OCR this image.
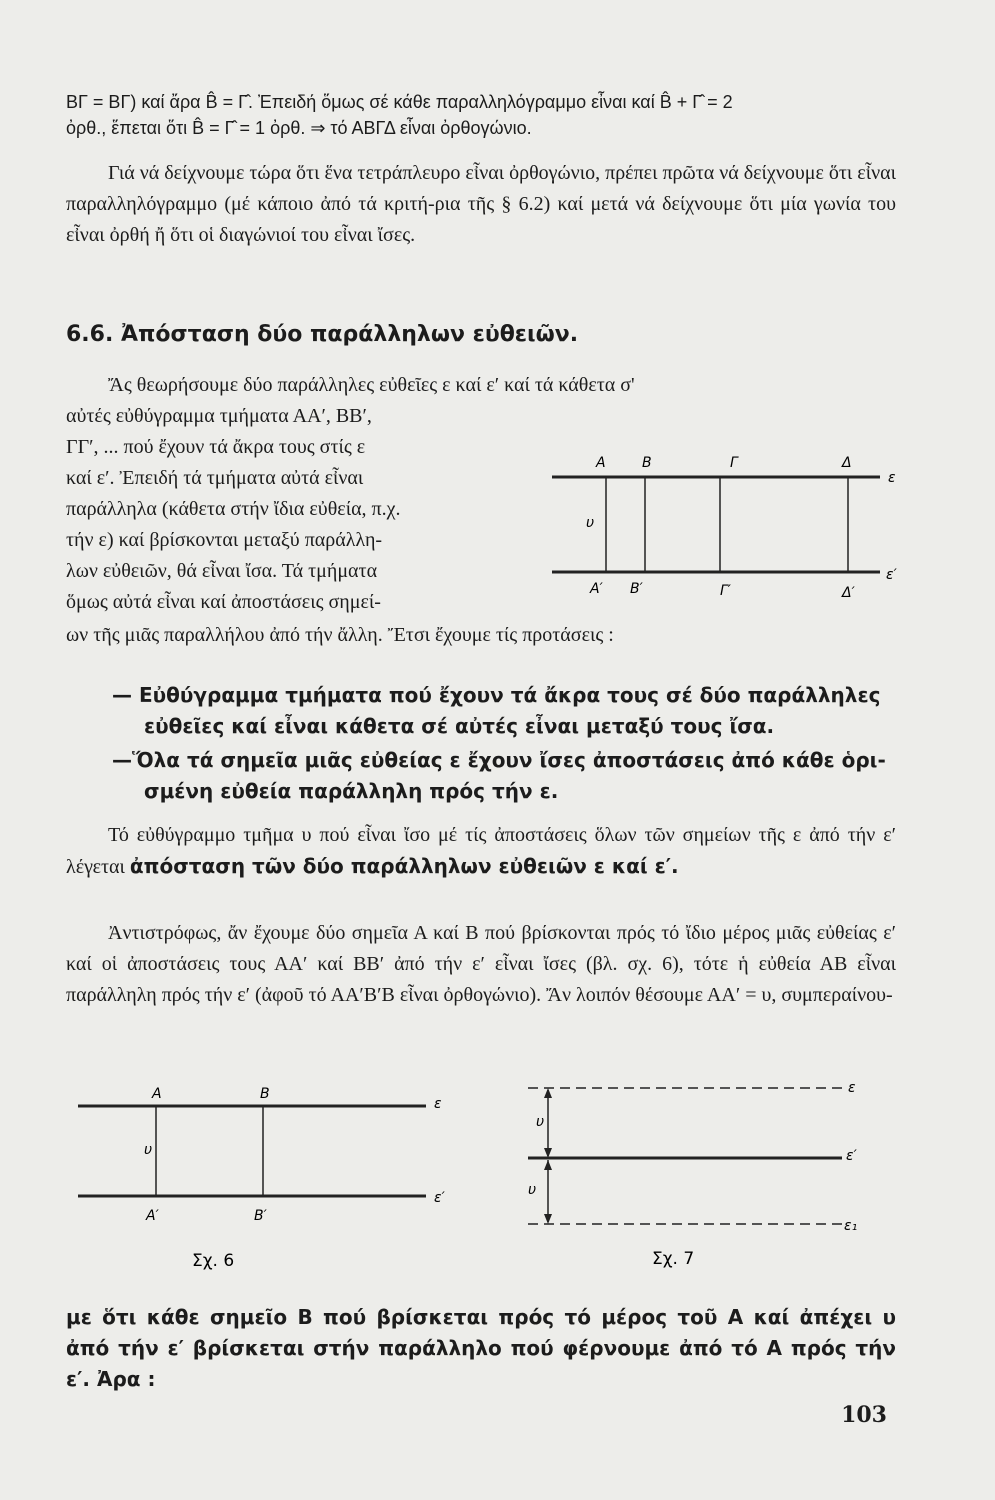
ΒΓ = ΒΓ) καί ἄρα B̂ = Γ̂. Ἐπειδή ὅμως σέ κάθε παραλληλόγραμμο εἶναι καί B̂ + Γ̂ = 2
ὀρθ., ἕπεται ὅτι B̂ = Γ̂ = 1 ὀρθ. ⇒ τό ΑΒΓΔ εἶναι ὀρθογώνιο.
Γιά νά δείχνουμε τώρα ὅτι ἕνα τετράπλευρο εἶναι ὀρθογώνιο, πρέπει πρῶτα νά δείχνουμε ὅτι εἶναι παραλληλόγραμμο (μέ κάποιο ἀπό τά κριτή-ρια τῆς § 6.2) καί μετά νά δείχνουμε ὅτι μία γωνία του εἶναι ὀρθή ἤ ὅτι οἱ διαγώνιοί του εἶναι ἴσες.
6.6. Ἀπόσταση δύο παράλληλων εὐθειῶν.
Ἄς θεωρήσουμε δύο παράλληλες εὐθεῖες ε καί ε′ καί τά κάθετα σ'
αὐτές εὐθύγραμμα τμήματα ΑΑ′, ΒΒ′,
ΓΓ′, ... πού ἔχουν τά ἄκρα τους στίς ε
καί ε′. Ἐπειδή τά τμήματα αὐτά εἶναι
παράλληλα (κάθετα στήν ἴδια εὐθεία, π.χ.
τήν ε) καί βρίσκονται μεταξύ παράλλη-
λων εὐθειῶν, θά εἶναι ἴσα. Τά τμήματα
ὅμως αὐτά εἶναι καί ἀποστάσεις σημεί-
ων τῆς μιᾶς παραλλήλου ἀπό τήν ἄλλη. Ἔτσι ἔχουμε τίς προτάσεις :
Α	Β	Γ	Δ
ε
ε′
υ
Α′ Β′	Γ′	Δ′
— Εὐθύγραμμα τμήματα πού ἔχουν τά ἄκρα τους σέ δύο παράλληλες εὐθεῖες καί εἶναι κάθετα σέ αὐτές εἶναι μεταξύ τους ἴσα.
—Ὅλα τά σημεῖα μιᾶς εὐθείας ε ἔχουν ἴσες ἀποστάσεις ἀπό κάθε ὁρι-σμένη εὐθεία παράλληλη πρός τήν ε.
Τό εὐθύγραμμο τμῆμα υ πού εἶναι ἴσο μέ τίς ἀποστάσεις ὅλων τῶν σημείων τῆς ε ἀπό τήν ε′ λέγεται ἀπόσταση τῶν δύο παράλληλων εὐθειῶν ε καί ε′.
Ἀντιστρόφως, ἄν ἔχουμε δύο σημεῖα Α καί Β πού βρίσκονται πρός τό ἴδιο μέρος μιᾶς εὐθείας ε′ καί οἱ ἀποστάσεις τους ΑΑ′ καί ΒΒ′ ἀπό τήν ε′ εἶναι ἴσες (βλ. σχ. 6), τότε ἡ εὐθεία ΑΒ εἶναι παράλληλη πρός τήν ε′ (ἀφοῦ τό ΑΑ′Β′Β εἶναι ὀρθογώνιο). Ἄν λοιπόν θέσουμε ΑΑ′ = υ, συμπεραίνου-
Α	Β
ε
ε′
υ
Α′	Β′
Σχ. 6
ε
ε′
ε₁
υ
υ
Σχ. 7
με ὅτι κάθε σημεῖο Β πού βρίσκεται πρός τό μέρος τοῦ Α καί ἀπέχει υ ἀπό τήν ε′ βρίσκεται στήν παράλληλο πού φέρνουμε ἀπό τό Α πρός τήν ε′. Ἀρα :
103
